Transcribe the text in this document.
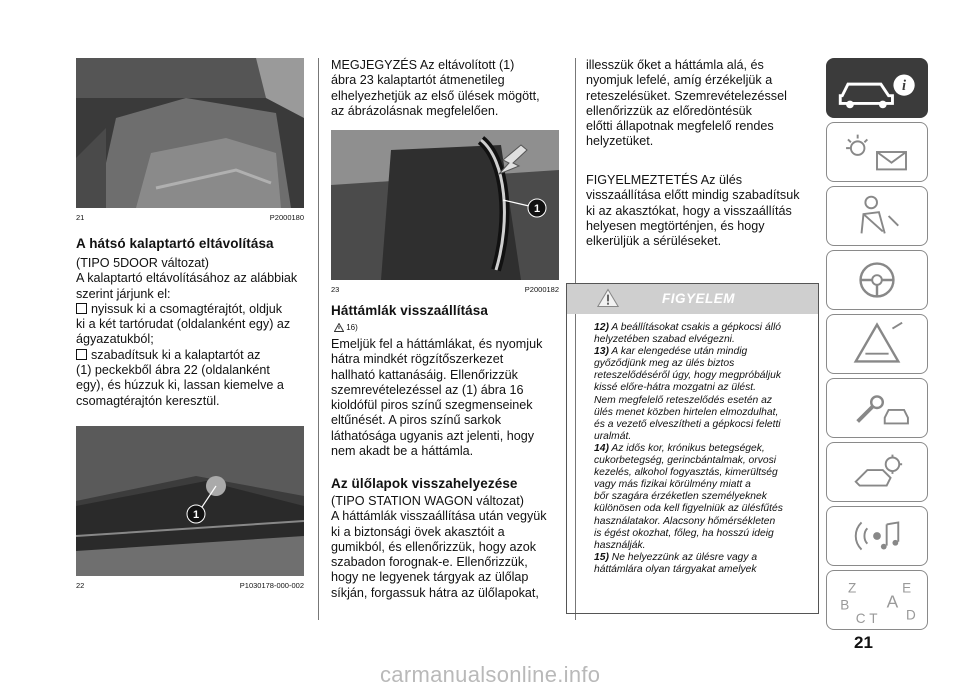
21	P2000180
A hátsó kalaptartó eltávolítása

(TIPO 5DOOR változat)

A kalaptartó eltávolításához az alábbiak

szerint járjunk el:

nyissuk ki a csomagtérajtót, oldjuk

ki a két tartórudat (oldalanként egy) az

ágyazatukból;

szabadítsuk ki a kalaptartót az

(1) peckekből ábra 22 (oldalanként

egy), és húzzuk ki, lassan kiemelve a

csomagtérajtón keresztül.

1
22	P1030178-000-002

MEGJEGYZÉS Az eltávolított (1)

ábra 23 kalaptartót átmenetileg

elhelyezhetjük az első ülések mögött,

az ábrázolásnak megfelelően.

1
23	P2000182
Háttámlák visszaállítása
16)

Emeljük fel a háttámlákat, és nyomjuk

hátra mindkét rögzítőszerkezet

hallható kattanásáig. Ellenőrizzük

szemrevételezéssel az (1) ábra 16

kioldófül piros színű szegmenseinek

eltűnését. A piros színű sarkok

láthatósága ugyanis azt jelenti, hogy

nem akadt be a háttámla.

Az ülőlapok visszahelyezése

(TIPO STATION WAGON változat)

A háttámlák visszaállítása után vegyük

ki a biztonsági övek akasztóit a

gumikból, és ellenőrizzük, hogy azok

szabadon forognak-e. Ellenőrizzük,

hogy ne legyenek tárgyak az ülőlap

síkján, forgassuk hátra az ülőlapokat,

illesszük őket a háttámla alá, és

nyomjuk lefelé, amíg érzékeljük a

reteszelésüket. Szemrevételezéssel

ellenőrizzük az előredöntésük

előtti állapotnak megfelelő rendes

helyzetüket.

FIGYELMEZTETÉS Az ülés

visszaállítása előtt mindig szabadítsuk

ki az akasztókat, hogy a visszaállítás

helyesen megtörténjen, és hogy

elkerüljük a sérüléseket.

FIGYELEM

12) A beállításokat csakis a gépkocsi álló

helyzetében szabad elvégezni.

13) A kar elengedése után mindig

győződjünk meg az ülés biztos

reteszelődéséről úgy, hogy megpróbáljuk

kissé előre-hátra mozgatni az ülést.

Nem megfelelő reteszelődés esetén az

ülés menet közben hirtelen elmozdulhat,

és a vezető elveszítheti a gépkocsi feletti

uralmát.

14) Az idős kor, krónikus betegségek,

cukorbetegség, gerincbántalmak, orvosi

kezelés, alkohol fogyasztás, kimerültség

vagy más fizikai körülmény miatt a

bőr szagára érzéketlen személyeknek

különösen oda kell figyelniük az ülésfűtés

használatakor. Alacsony hőmérsékleten

is égést okozhat, főleg, ha hosszú ideig

használják.

15) Ne helyezzünk az ülésre vagy a

háttámlára olyan tárgyakat amelyek

i
Z	E
B A
C T D
21
carmanualsonline.info
